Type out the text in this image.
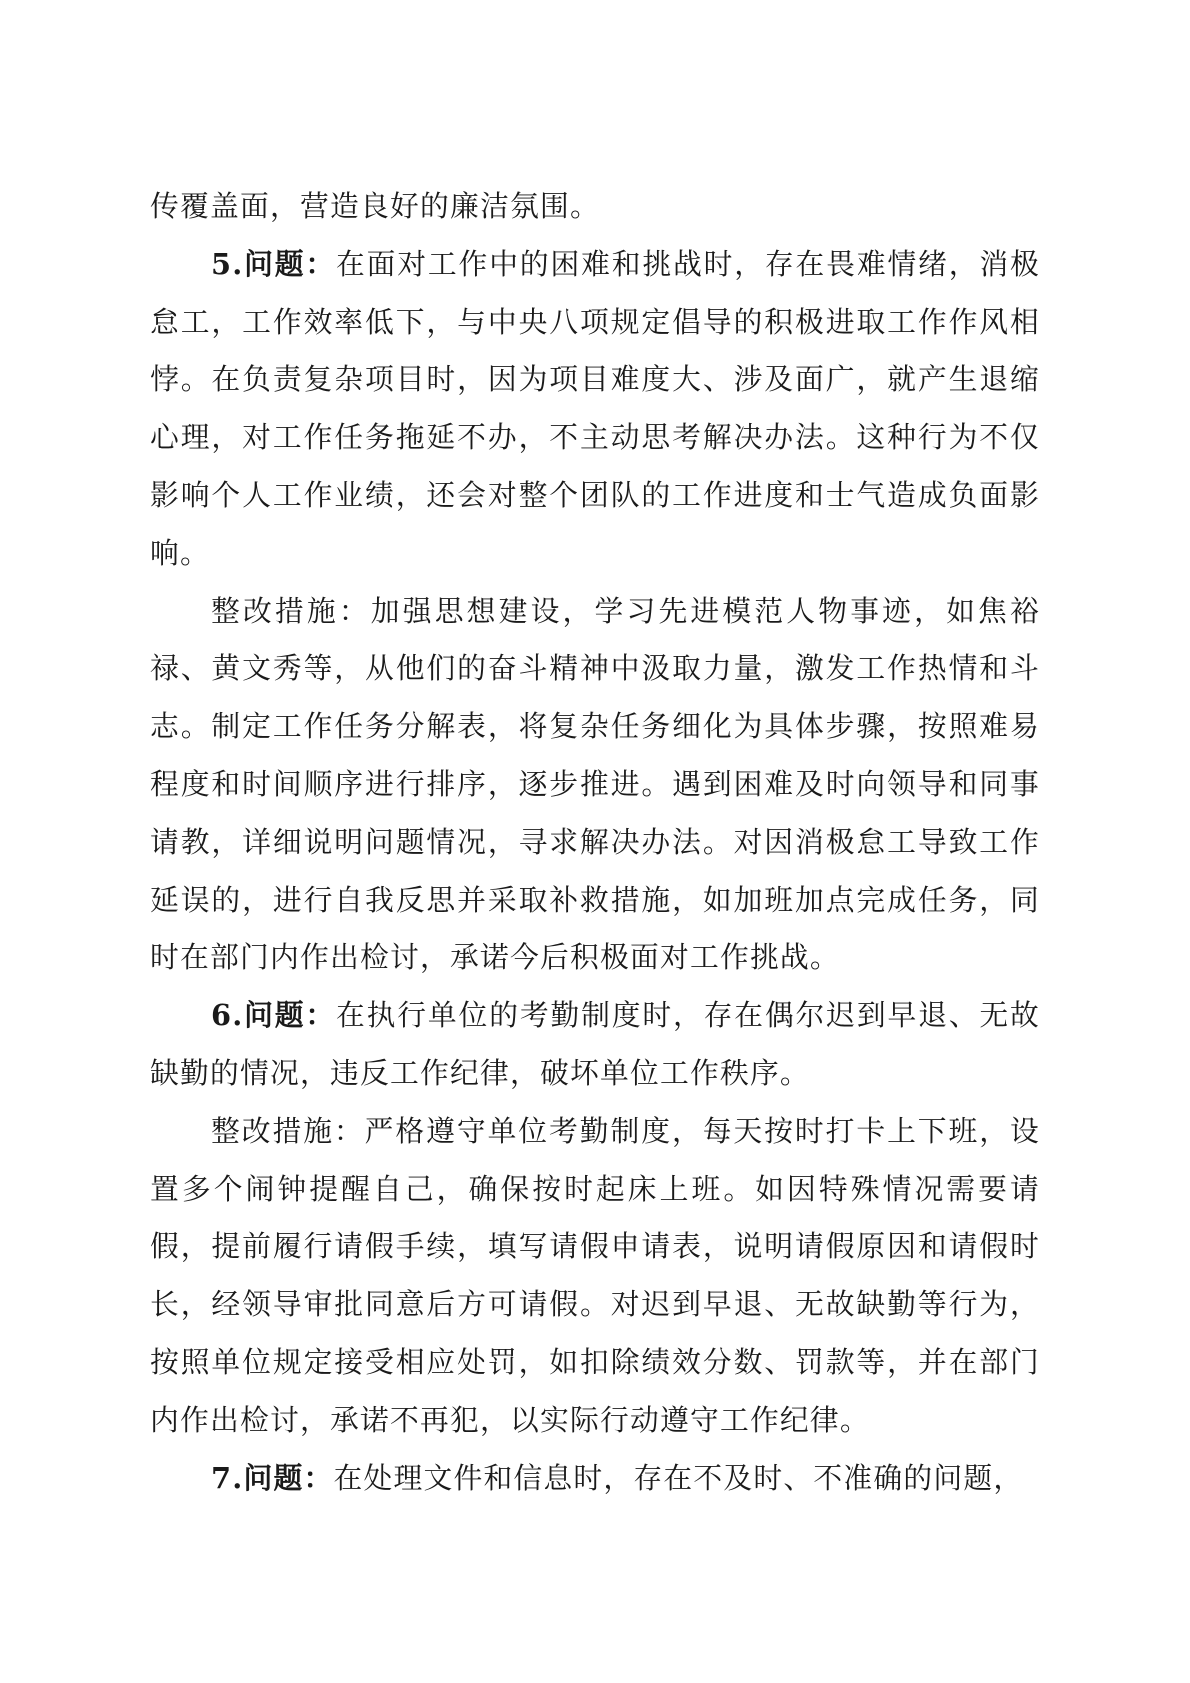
传覆盖面，营造良好的廉洁氛围。

5.问题：在面对工作中的困难和挑战时，存在畏难情绪，消极怠工，工作效率低下，与中央八项规定倡导的积极进取工作作风相悖。在负责复杂项目时，因为项目难度大、涉及面广，就产生退缩心理，对工作任务拖延不办，不主动思考解决办法。这种行为不仅影响个人工作业绩，还会对整个团队的工作进度和士气造成负面影响。

整改措施：加强思想建设，学习先进模范人物事迹，如焦裕禄、黄文秀等，从他们的奋斗精神中汲取力量，激发工作热情和斗志。制定工作任务分解表，将复杂任务细化为具体步骤，按照难易程度和时间顺序进行排序，逐步推进。遇到困难及时向领导和同事请教，详细说明问题情况，寻求解决办法。对因消极怠工导致工作延误的，进行自我反思并采取补救措施，如加班加点完成任务，同时在部门内作出检讨，承诺今后积极面对工作挑战。

6.问题：在执行单位的考勤制度时，存在偶尔迟到早退、无故缺勤的情况，违反工作纪律，破坏单位工作秩序。

整改措施：严格遵守单位考勤制度，每天按时打卡上下班，设置多个闹钟提醒自己，确保按时起床上班。如因特殊情况需要请假，提前履行请假手续，填写请假申请表，说明请假原因和请假时长，经领导审批同意后方可请假。对迟到早退、无故缺勤等行为，按照单位规定接受相应处罚，如扣除绩效分数、罚款等，并在部门内作出检讨，承诺不再犯，以实际行动遵守工作纪律。

7.问题：在处理文件和信息时，存在不及时、不准确的问题，
